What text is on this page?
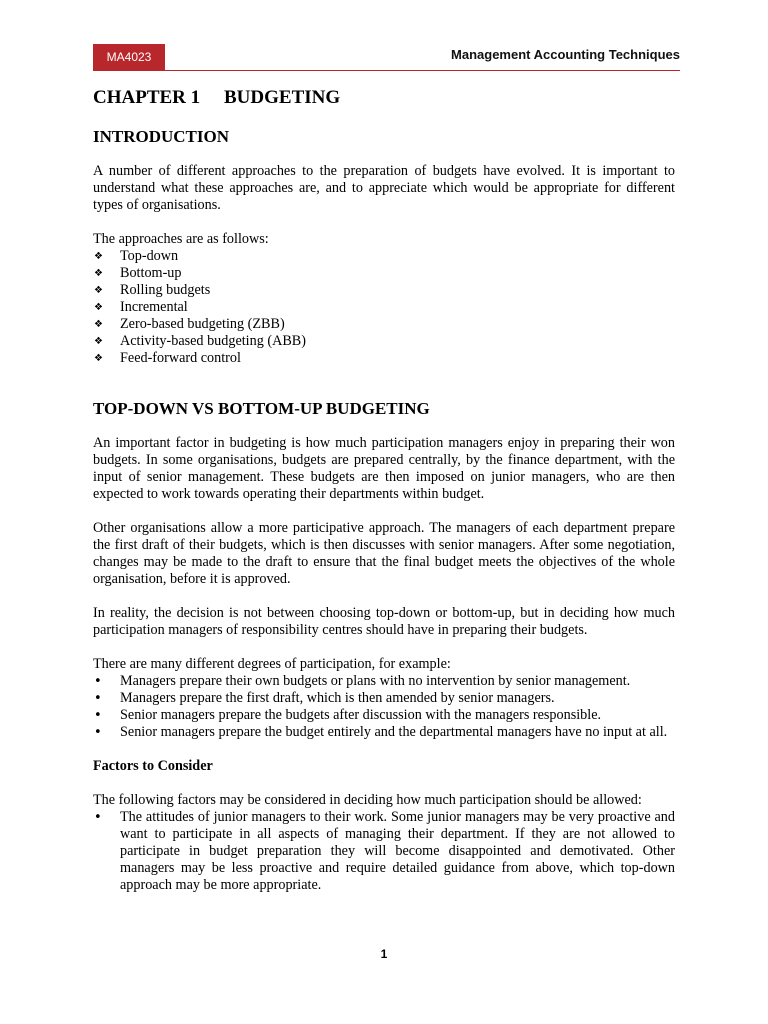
MA4023	Management Accounting Techniques
CHAPTER 1 BUDGETING
INTRODUCTION

A number of different approaches to the preparation of budgets have evolved. It is important to understand what these approaches are, and to appreciate which would be appropriate for different types of organisations.

The approaches are as follows:

❖ Top-down
❖ Bottom-up
❖ Rolling budgets
❖ Incremental
❖ Zero-based budgeting (ZBB)
❖ Activity-based budgeting (ABB)
❖ Feed-forward control
TOP-DOWN VS BOTTOM-UP BUDGETING

An important factor in budgeting is how much participation managers enjoy in preparing their won budgets. In some organisations, budgets are prepared centrally, by the finance department, with the input of senior management. These budgets are then imposed on junior managers, who are then expected to work towards operating their departments within budget.

Other organisations allow a more participative approach. The managers of each department prepare the first draft of their budgets, which is then discusses with senior managers. After some negotiation, changes may be made to the draft to ensure that the final budget meets the objectives of the whole organisation, before it is approved.

In reality, the decision is not between choosing top-down or bottom-up, but in deciding how much participation managers of responsibility centres should have in preparing their budgets.

There are many different degrees of participation, for example:

• Managers prepare their own budgets or plans with no intervention by senior management.
• Managers prepare the first draft, which is then amended by senior managers.
• Senior managers prepare the budgets after discussion with the managers responsible.
• Senior managers prepare the budget entirely and the departmental managers have no input at all.
Factors to Consider

The following factors may be considered in deciding how much participation should be allowed:

• The attitudes of junior managers to their work. Some junior managers may be very proactive and want to participate in all aspects of managing their department. If they are not allowed to participate in budget preparation they will become disappointed and demotivated. Other managers may be less proactive and require detailed guidance from above, which top-down approach may be more appropriate.
1
